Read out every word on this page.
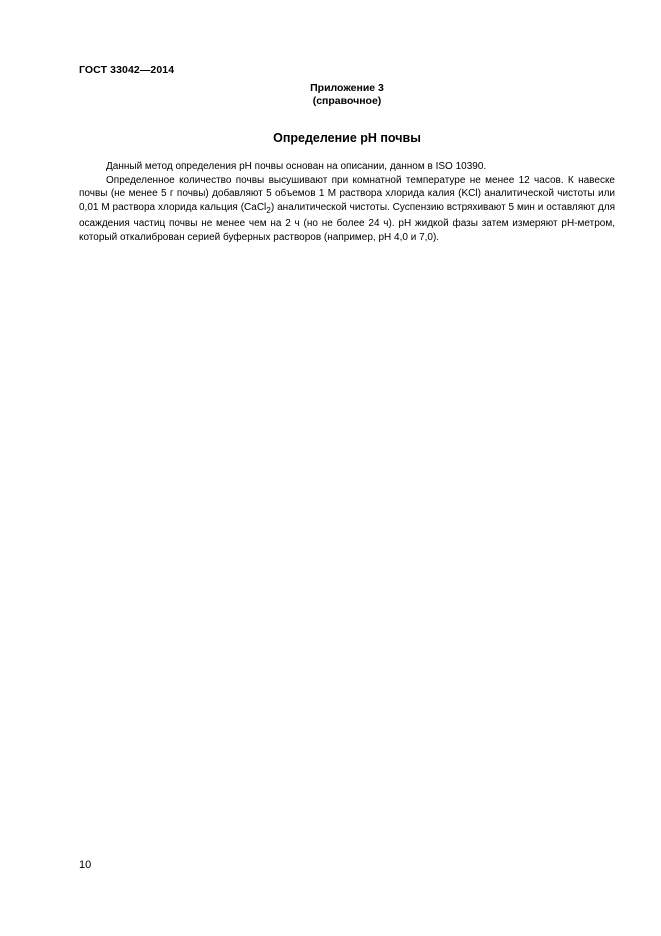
ГОСТ 33042—2014
Приложение 3
(справочное)
Определение pH почвы

Данный метод определения pH почвы основан на описании, данном в ISO 10390.

Определенное количество почвы высушивают при комнатной температуре не менее 12 часов. К навеске почвы (не менее 5 г почвы) добавляют 5 объемов 1 М раствора хлорида калия (KCl) аналитической чистоты или 0,01 М раствора хлорида кальция (CaCl$_2$) аналитической чистоты. Суспензию встряхивают 5 мин и оставляют для осаждения частиц почвы не менее чем на 2 ч (но не более 24 ч). pH жидкой фазы затем измеряют pH-метром, который откалиброван серией буферных растворов (например, pH 4,0 и 7,0).

10
